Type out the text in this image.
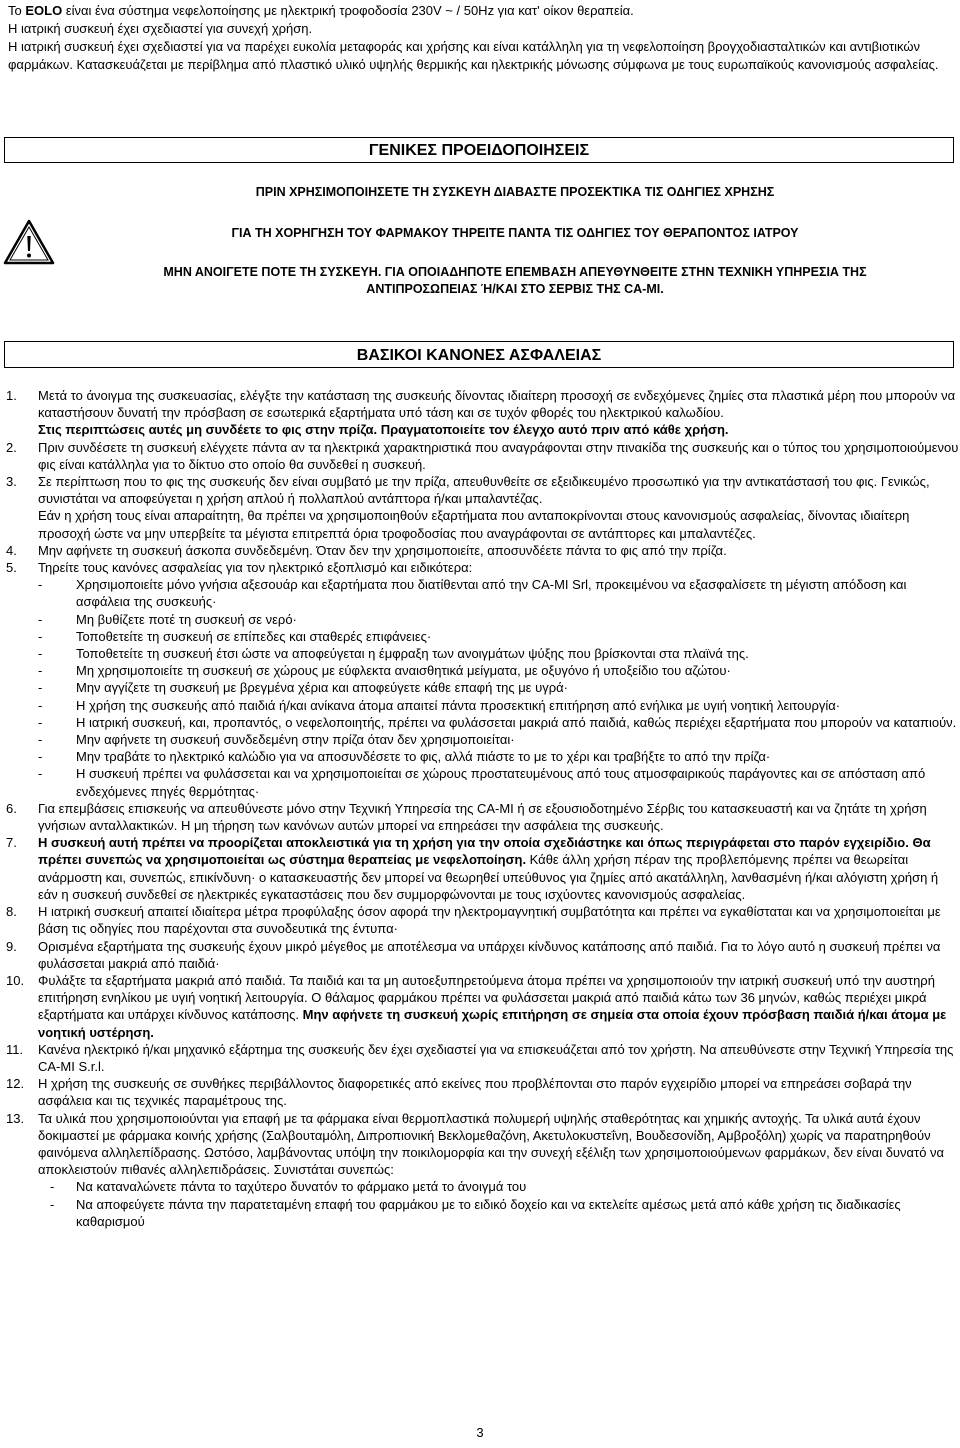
Το EOLO είναι ένα σύστημα νεφελοποίησης με ηλεκτρική τροφοδοσία 230V ~ / 50Hz για κατ' οίκον θεραπεία.

Η ιατρική συσκευή έχει σχεδιαστεί για συνεχή χρήση.

Η ιατρική συσκευή έχει σχεδιαστεί για να παρέχει ευκολία μεταφοράς και χρήσης και είναι κατάλληλη για τη νεφελοποίηση βρογχοδιασταλτικών και αντιβιοτικών φαρμάκων. Κατασκευάζεται με περίβλημα από πλαστικό υλικό υψηλής θερμικής και ηλεκτρικής μόνωσης σύμφωνα με τους ευρωπαϊκούς κανονισμούς ασφαλείας.

ΓΕΝΙΚΕΣ ΠΡΟΕΙΔΟΠΟΙΗΣΕΙΣ
ΠΡΙΝ ΧΡΗΣΙΜΟΠΟΙΗΣΕΤΕ ΤΗ ΣΥΣΚΕΥΗ ΔΙΑΒΑΣΤΕ ΠΡΟΣΕΚΤΙΚΑ ΤΙΣ ΟΔΗΓΙΕΣ ΧΡΗΣΗΣ
ΓΙΑ ΤΗ ΧΟΡΗΓΗΣΗ ΤΟΥ ΦΑΡΜΑΚΟΥ ΤΗΡΕΙΤΕ ΠΑΝΤΑ ΤΙΣ ΟΔΗΓΙΕΣ ΤΟΥ ΘΕΡΑΠΟΝΤΟΣ ΙΑΤΡΟΥ
ΜΗΝ ΑΝΟΙΓΕΤΕ ΠΟΤΕ ΤΗ ΣΥΣΚΕΥΗ. ΓΙΑ ΟΠΟΙΑΔΗΠΟΤΕ ΕΠΕΜΒΑΣΗ ΑΠΕΥΘΥΝΘΕΙΤΕ ΣΤΗΝ ΤΕΧΝΙΚΗ ΥΠΗΡΕΣΙΑ ΤΗΣ
ΑΝΤΙΠΡΟΣΩΠΕΙΑΣ Ή/ΚΑΙ ΣΤΟ ΣΕΡΒΙΣ ΤΗΣ CA-MI.
ΒΑΣΙΚΟΙ ΚΑΝΟΝΕΣ ΑΣΦΑΛΕΙΑΣ
1. Μετά το άνοιγμα της συσκευασίας, ελέγξτε την κατάσταση της συσκευής δίνοντας ιδιαίτερη προσοχή σε ενδεχόμενες ζημίες στα πλαστικά μέρη που μπορούν να καταστήσουν δυνατή την πρόσβαση σε εσωτερικά εξαρτήματα υπό τάση και σε τυχόν φθορές του ηλεκτρικού καλωδίου.
Στις περιπτώσεις αυτές μη συνδέετε το φις στην πρίζα. Πραγματοποιείτε τον έλεγχο αυτό πριν από κάθε χρήση.
2. Πριν συνδέσετε τη συσκευή ελέγχετε πάντα αν τα ηλεκτρικά χαρακτηριστικά που αναγράφονται στην πινακίδα της συσκευής και ο τύπος του χρησιμοποιούμενου φις είναι κατάλληλα για το δίκτυο στο οποίο θα συνδεθεί η συσκευή.
3. Σε περίπτωση που το φις της συσκευής δεν είναι συμβατό με την πρίζα, απευθυνθείτε σε εξειδικευμένο προσωπικό για την αντικατάστασή του φις. Γενικώς, συνιστάται να αποφεύγεται η χρήση απλού ή πολλαπλού αντάπτορα ή/και μπαλαντέζας.
Εάν η χρήση τους είναι απαραίτητη, θα πρέπει να χρησιμοποιηθούν εξαρτήματα που ανταποκρίνονται στους κανονισμούς ασφαλείας, δίνοντας ιδιαίτερη προσοχή ώστε να μην υπερβείτε τα μέγιστα επιτρεπτά όρια τροφοδοσίας που αναγράφονται σε αντάπτορες και μπαλαντέζες.
4. Μην αφήνετε τη συσκευή άσκοπα συνδεδεμένη. Όταν δεν την χρησιμοποιείτε, αποσυνδέετε πάντα το φις από την πρίζα.
5. Τηρείτε τους κανόνες ασφαλείας για τον ηλεκτρικό εξοπλισμό και ειδικότερα:
-	Χρησιμοποιείτε μόνο γνήσια αξεσουάρ και εξαρτήματα που διατίθενται από την CA-MI Srl, προκειμένου να εξασφαλίσετε τη μέγιστη απόδοση και ασφάλεια της συσκευής·
-	Μη βυθίζετε ποτέ τη συσκευή σε νερό·
-	Τοποθετείτε τη συσκευή σε επίπεδες και σταθερές επιφάνειες·
-	Τοποθετείτε τη συσκευή έτσι ώστε να αποφεύγεται η έμφραξη των ανοιγμάτων ψύξης που βρίσκονται στα πλαϊνά της.
-	Μη χρησιμοποιείτε τη συσκευή σε χώρους με εύφλεκτα αναισθητικά μείγματα, με οξυγόνο ή υποξείδιο του αζώτου·
-	Μην αγγίζετε τη συσκευή με βρεγμένα χέρια και αποφεύγετε κάθε επαφή της με υγρά·
-	Η χρήση της συσκευής από παιδιά ή/και ανίκανα άτομα απαιτεί πάντα προσεκτική επιτήρηση από ενήλικα με υγιή νοητική λειτουργία·
-	Η ιατρική συσκευή, και, προπαντός, ο νεφελοποιητής, πρέπει να φυλάσσεται μακριά από παιδιά, καθώς περιέχει εξαρτήματα που μπορούν να καταπιούν.
-	Μην αφήνετε τη συσκευή συνδεδεμένη στην πρίζα όταν δεν χρησιμοποιείται·
-	Μην τραβάτε το ηλεκτρικό καλώδιο για να αποσυνδέσετε το φις, αλλά πιάστε το με το χέρι και τραβήξτε το από την πρίζα·
-	Η συσκευή πρέπει να φυλάσσεται και να χρησιμοποιείται σε χώρους προστατευμένους από τους ατμοσφαιρικούς παράγοντες και σε απόσταση από ενδεχόμενες πηγές θερμότητας·
6. Για επεμβάσεις επισκευής να απευθύνεστε μόνο στην Τεχνική Υπηρεσία της CA-MI ή σε εξουσιοδοτημένο Σέρβις του κατασκευαστή και να ζητάτε τη χρήση γνήσιων ανταλλακτικών. Η μη τήρηση των κανόνων αυτών μπορεί να επηρεάσει την ασφάλεια της συσκευής.
7. Η συσκευή αυτή πρέπει να προορίζεται αποκλειστικά για τη χρήση για την οποία σχεδιάστηκε και όπως περιγράφεται στο παρόν εγχειρίδιο. Θα πρέπει συνεπώς να χρησιμοποιείται ως σύστημα θεραπείας με νεφελοποίηση. Κάθε άλλη χρήση πέραν της προβλεπόμενης πρέπει να θεωρείται ανάρμοστη και, συνεπώς, επικίνδυνη· ο κατασκευαστής δεν μπορεί να θεωρηθεί υπεύθυνος για ζημίες από ακατάλληλη, λανθασμένη ή/και αλόγιστη χρήση ή εάν η συσκευή συνδεθεί σε ηλεκτρικές εγκαταστάσεις που δεν συμμορφώνονται με τους ισχύοντες κανονισμούς ασφαλείας.
8. Η ιατρική συσκευή απαιτεί ιδιαίτερα μέτρα προφύλαξης όσον αφορά την ηλεκτρομαγνητική συμβατότητα και πρέπει να εγκαθίσταται και να χρησιμοποιείται με βάση τις οδηγίες που παρέχονται στα συνοδευτικά της έντυπα·
9. Ορισμένα εξαρτήματα της συσκευής έχουν μικρό μέγεθος με αποτέλεσμα να υπάρχει κίνδυνος κατάποσης από παιδιά. Για το λόγο αυτό η συσκευή πρέπει να φυλάσσεται μακριά από παιδιά·
10. Φυλάξτε τα εξαρτήματα μακριά από παιδιά. Τα παιδιά και τα μη αυτοεξυπηρετούμενα άτομα πρέπει να χρησιμοποιούν την ιατρική συσκευή υπό την αυστηρή επιτήρηση ενηλίκου με υγιή νοητική λειτουργία. Ο θάλαμος φαρμάκου πρέπει να φυλάσσεται μακριά από παιδιά κάτω των 36 μηνών, καθώς περιέχει μικρά εξαρτήματα και υπάρχει κίνδυνος κατάποσης. Μην αφήνετε τη συσκευή χωρίς επιτήρηση σε σημεία στα οποία έχουν πρόσβαση παιδιά ή/και άτομα με νοητική υστέρηση.
11. Κανένα ηλεκτρικό ή/και μηχανικό εξάρτημα της συσκευής δεν έχει σχεδιαστεί για να επισκευάζεται από τον χρήστη. Να απευθύνεστε στην Τεχνική Υπηρεσία της CA-MI S.r.l.
12. Η χρήση της συσκευής σε συνθήκες περιβάλλοντος διαφορετικές από εκείνες που προβλέπονται στο παρόν εγχειρίδιο μπορεί να επηρεάσει σοβαρά την ασφάλεια και τις τεχνικές παραμέτρους της.
13. Τα υλικά που χρησιμοποιούνται για επαφή με τα φάρμακα είναι θερμοπλαστικά πολυμερή υψηλής σταθερότητας και χημικής αντοχής. Τα υλικά αυτά έχουν δοκιμαστεί με φάρμακα κοινής χρήσης (Σαλβουταμόλη, Διπροπιονική Βεκλομεθαζόνη, Ακετυλοκυστεΐνη, Βουδεσονίδη, Αμβροξόλη) χωρίς να παρατηρηθούν φαινόμενα αλληλεπίδρασης. Ωστόσο, λαμβάνοντας υπόψη την ποικιλομορφία και την συνεχή εξέλιξη των χρησιμοποιούμενων φαρμάκων, δεν είναι δυνατό να αποκλειστούν πιθανές αλληλεπιδράσεις. Συνιστάται συνεπώς:
- Να καταναλώνετε πάντα το ταχύτερο δυνατόν το φάρμακο μετά το άνοιγμά του
- Να αποφεύγετε πάντα την παρατεταμένη επαφή του φαρμάκου με το ειδικό δοχείο και να εκτελείτε αμέσως μετά από κάθε χρήση τις διαδικασίες καθαρισμού
3
